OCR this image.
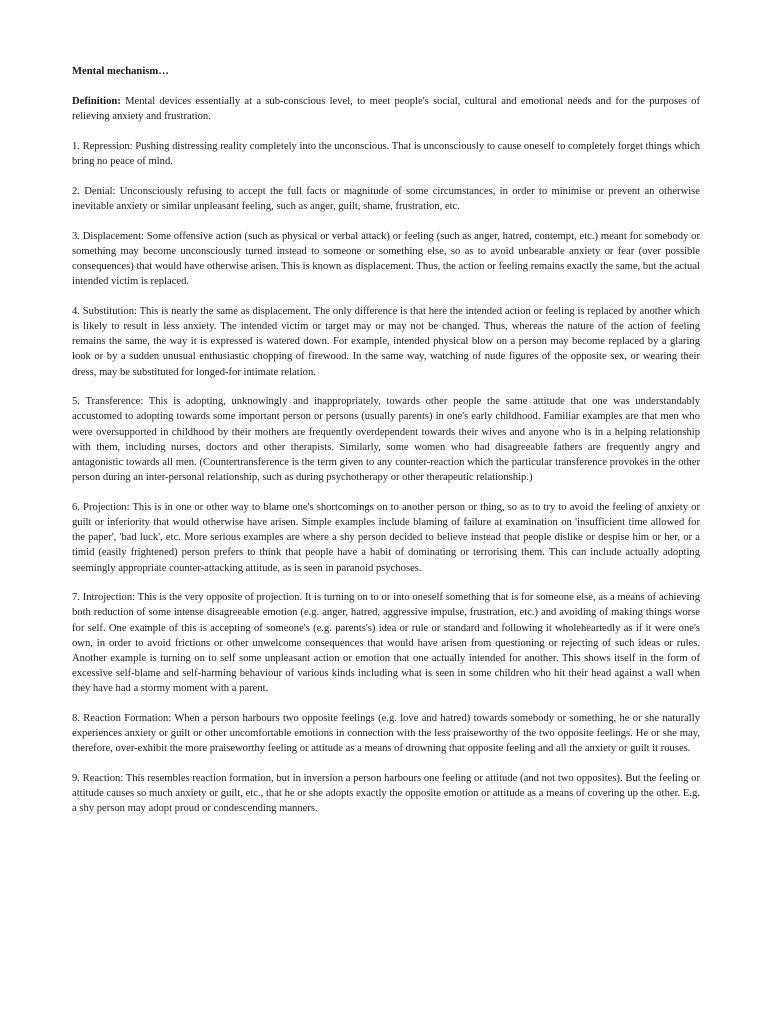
Mental mechanism…

Definition: Mental devices essentially at a sub-conscious level, to meet people's social, cultural and emotional needs and for the purposes of relieving anxiety and frustration.

1. Repression: Pushing distressing reality completely into the unconscious. That is unconsciously to cause oneself to completely forget things which bring no peace of mind.

2. Denial: Unconsciously refusing to accept the full facts or magnitude of some circumstances, in order to minimise or prevent an otherwise inevitable anxiety or similar unpleasant feeling, such as anger, guilt, shame, frustration, etc.

3. Displacement: Some offensive action (such as physical or verbal attack) or feeling (such as anger, hatred, contempt, etc.) meant for somebody or something may become unconsciously turned instead to someone or something else, so as to avoid unbearable anxiety or fear (over possible consequences) that would have otherwise arisen. This is known as displacement. Thus, the action or feeling remains exactly the same, but the actual intended victim is replaced.

4. Substitution: This is nearly the same as displacement. The only difference is that here the intended action or feeling is replaced by another which is likely to result in less anxiety. The intended victim or target may or may not be changed. Thus, whereas the nature of the action of feeling remains the same, the way it is expressed is watered down. For example, intended physical blow on a person may become replaced by a glaring look or by a sudden unusual enthusiastic chopping of firewood. In the same way, watching of nude figures of the opposite sex, or wearing their dress, may be substituted for longed-for intimate relation.

5. Transference: This is adopting, unknowingly and inappropriately, towards other people the same attitude that one was understandably accustomed to adopting towards some important person or persons (usually parents) in one's early childhood. Familiar examples are that men who were oversupported in childhood by their mothers are frequently overdependent towards their wives and anyone who is in a helping relationship with them, including nurses, doctors and other therapists. Similarly, some women who had disagreeable fathers are frequently angry and antagonistic towards all men. (Countertransference is the term given to any counter-reaction which the particular transference provokes in the other person during an inter-personal relationship, such as during psychotherapy or other therapeutic relationship.)

6. Projection: This is in one or other way to blame one's shortcomings on to another person or thing, so as to try to avoid the feeling of anxiety or guilt or inferiority that would otherwise have arisen. Simple examples include blaming of failure at examination on 'insufficient time allowed for the paper', 'bad luck', etc. More serious examples are where a shy person decided to believe instead that people dislike or despise him or her, or a timid (easily frightened) person prefers to think that people have a habit of dominating or terrorising them. This can include actually adopting seemingly appropriate counter-attacking attitude, as is seen in paranoid psychoses.

7. Introjection: This is the very opposite of projection. It is turning on to or into oneself something that is for someone else, as a means of achieving both reduction of some intense disagreeable emotion (e.g. anger, hatred, aggressive impulse, frustration, etc.) and avoiding of making things worse for self. One example of this is accepting of someone's (e.g. parents's) idea or rule or standard and following it wholeheartedly as if it were one's own, in order to avoid frictions or other unwelcome consequences that would have arisen from questioning or rejecting of such ideas or rules. Another example is turning on to self some unpleasant action or emotion that one actually intended for another. This shows itself in the form of excessive self-blame and self-harming behaviour of various kinds including what is seen in some children who hit their head against a wall when they have had a stormy moment with a parent.

8. Reaction Formation: When a person harbours two opposite feelings (e.g. love and hatred) towards somebody or something, he or she naturally experiences anxiety or guilt or other uncomfortable emotions in connection with the less praiseworthy of the two opposite feelings. He or she may, therefore, over-exhibit the more praiseworthy feeling or attitude as a means of drowning that opposite feeling and all the anxiety or guilt it rouses.

9. Reaction: This resembles reaction formation, but in inversion a person harbours one feeling or attitude (and not two opposites). But the feeling or attitude causes so much anxiety or guilt, etc., that he or she adopts exactly the opposite emotion or attitude as a means of covering up the other. E.g. a shy person may adopt proud or condescending manners.
